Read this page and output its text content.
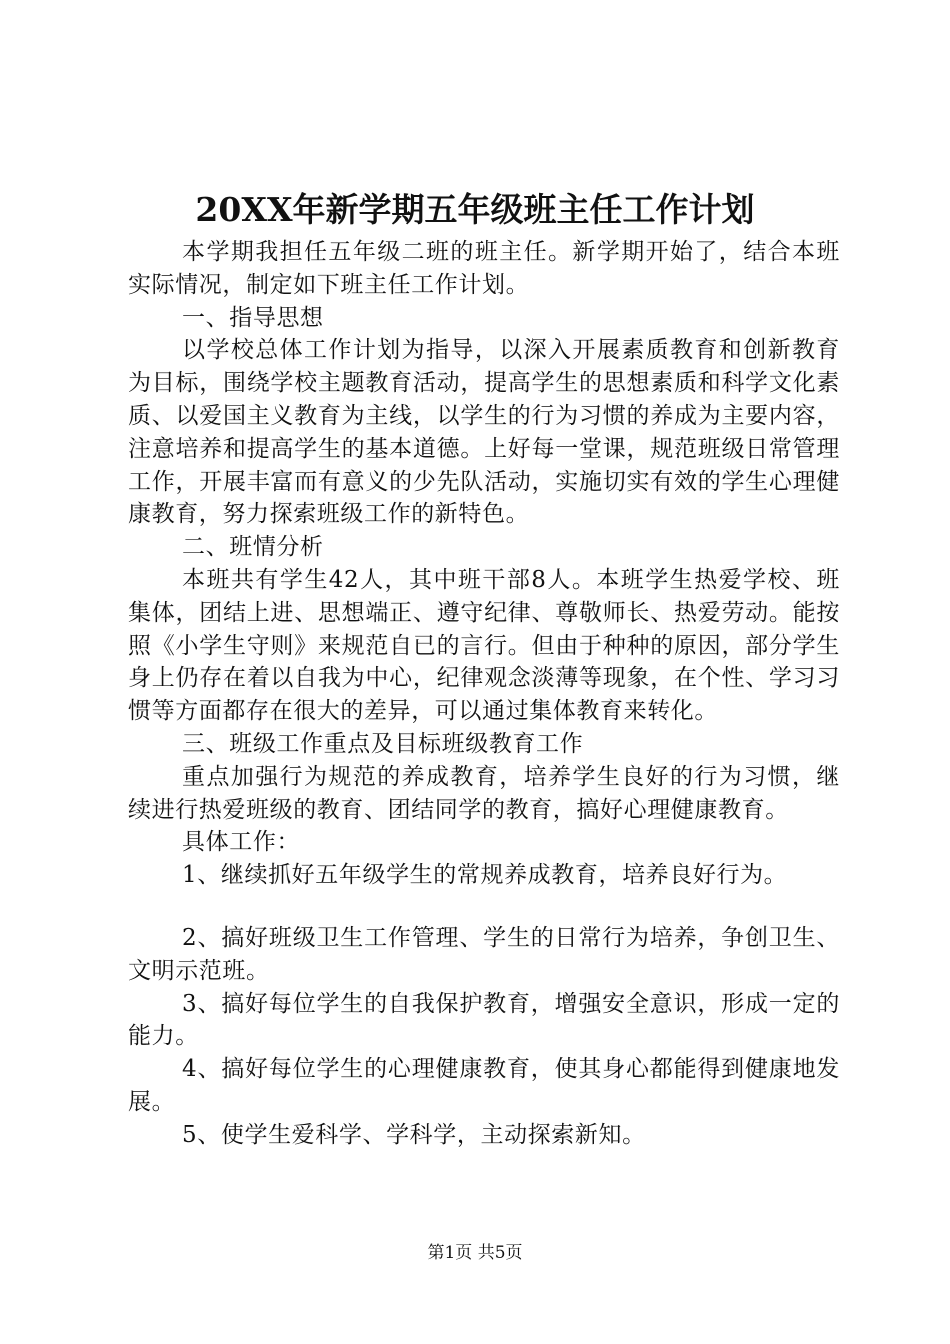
20XX年新学期五年级班主任工作计划

本学期我担任五年级二班的班主任。新学期开始了，结合本班实际情况，制定如下班主任工作计划。

一、指导思想

以学校总体工作计划为指导，以深入开展素质教育和创新教育为目标，围绕学校主题教育活动，提高学生的思想素质和科学文化素质、以爱国主义教育为主线，以学生的行为习惯的养成为主要内容，注意培养和提高学生的基本道德。上好每一堂课，规范班级日常管理工作，开展丰富而有意义的少先队活动，实施切实有效的学生心理健康教育，努力探索班级工作的新特色。

二、班情分析

本班共有学生42人，其中班干部8人。本班学生热爱学校、班集体，团结上进、思想端正、遵守纪律、尊敬师长、热爱劳动。能按照《小学生守则》来规范自已的言行。但由于种种的原因，部分学生身上仍存在着以自我为中心，纪律观念淡薄等现象，在个性、学习习惯等方面都存在很大的差异，可以通过集体教育来转化。

三、班级工作重点及目标班级教育工作

重点加强行为规范的养成教育，培养学生良好的行为习惯，继续进行热爱班级的教育、团结同学的教育，搞好心理健康教育。

具体工作：

1、继续抓好五年级学生的常规养成教育，培养良好行为。

2、搞好班级卫生工作管理、学生的日常行为培养，争创卫生、文明示范班。

3、搞好每位学生的自我保护教育，增强安全意识，形成一定的能力。

4、搞好每位学生的心理健康教育，使其身心都能得到健康地发展。

5、使学生爱科学、学科学，主动探索新知。

第1页 共5页
